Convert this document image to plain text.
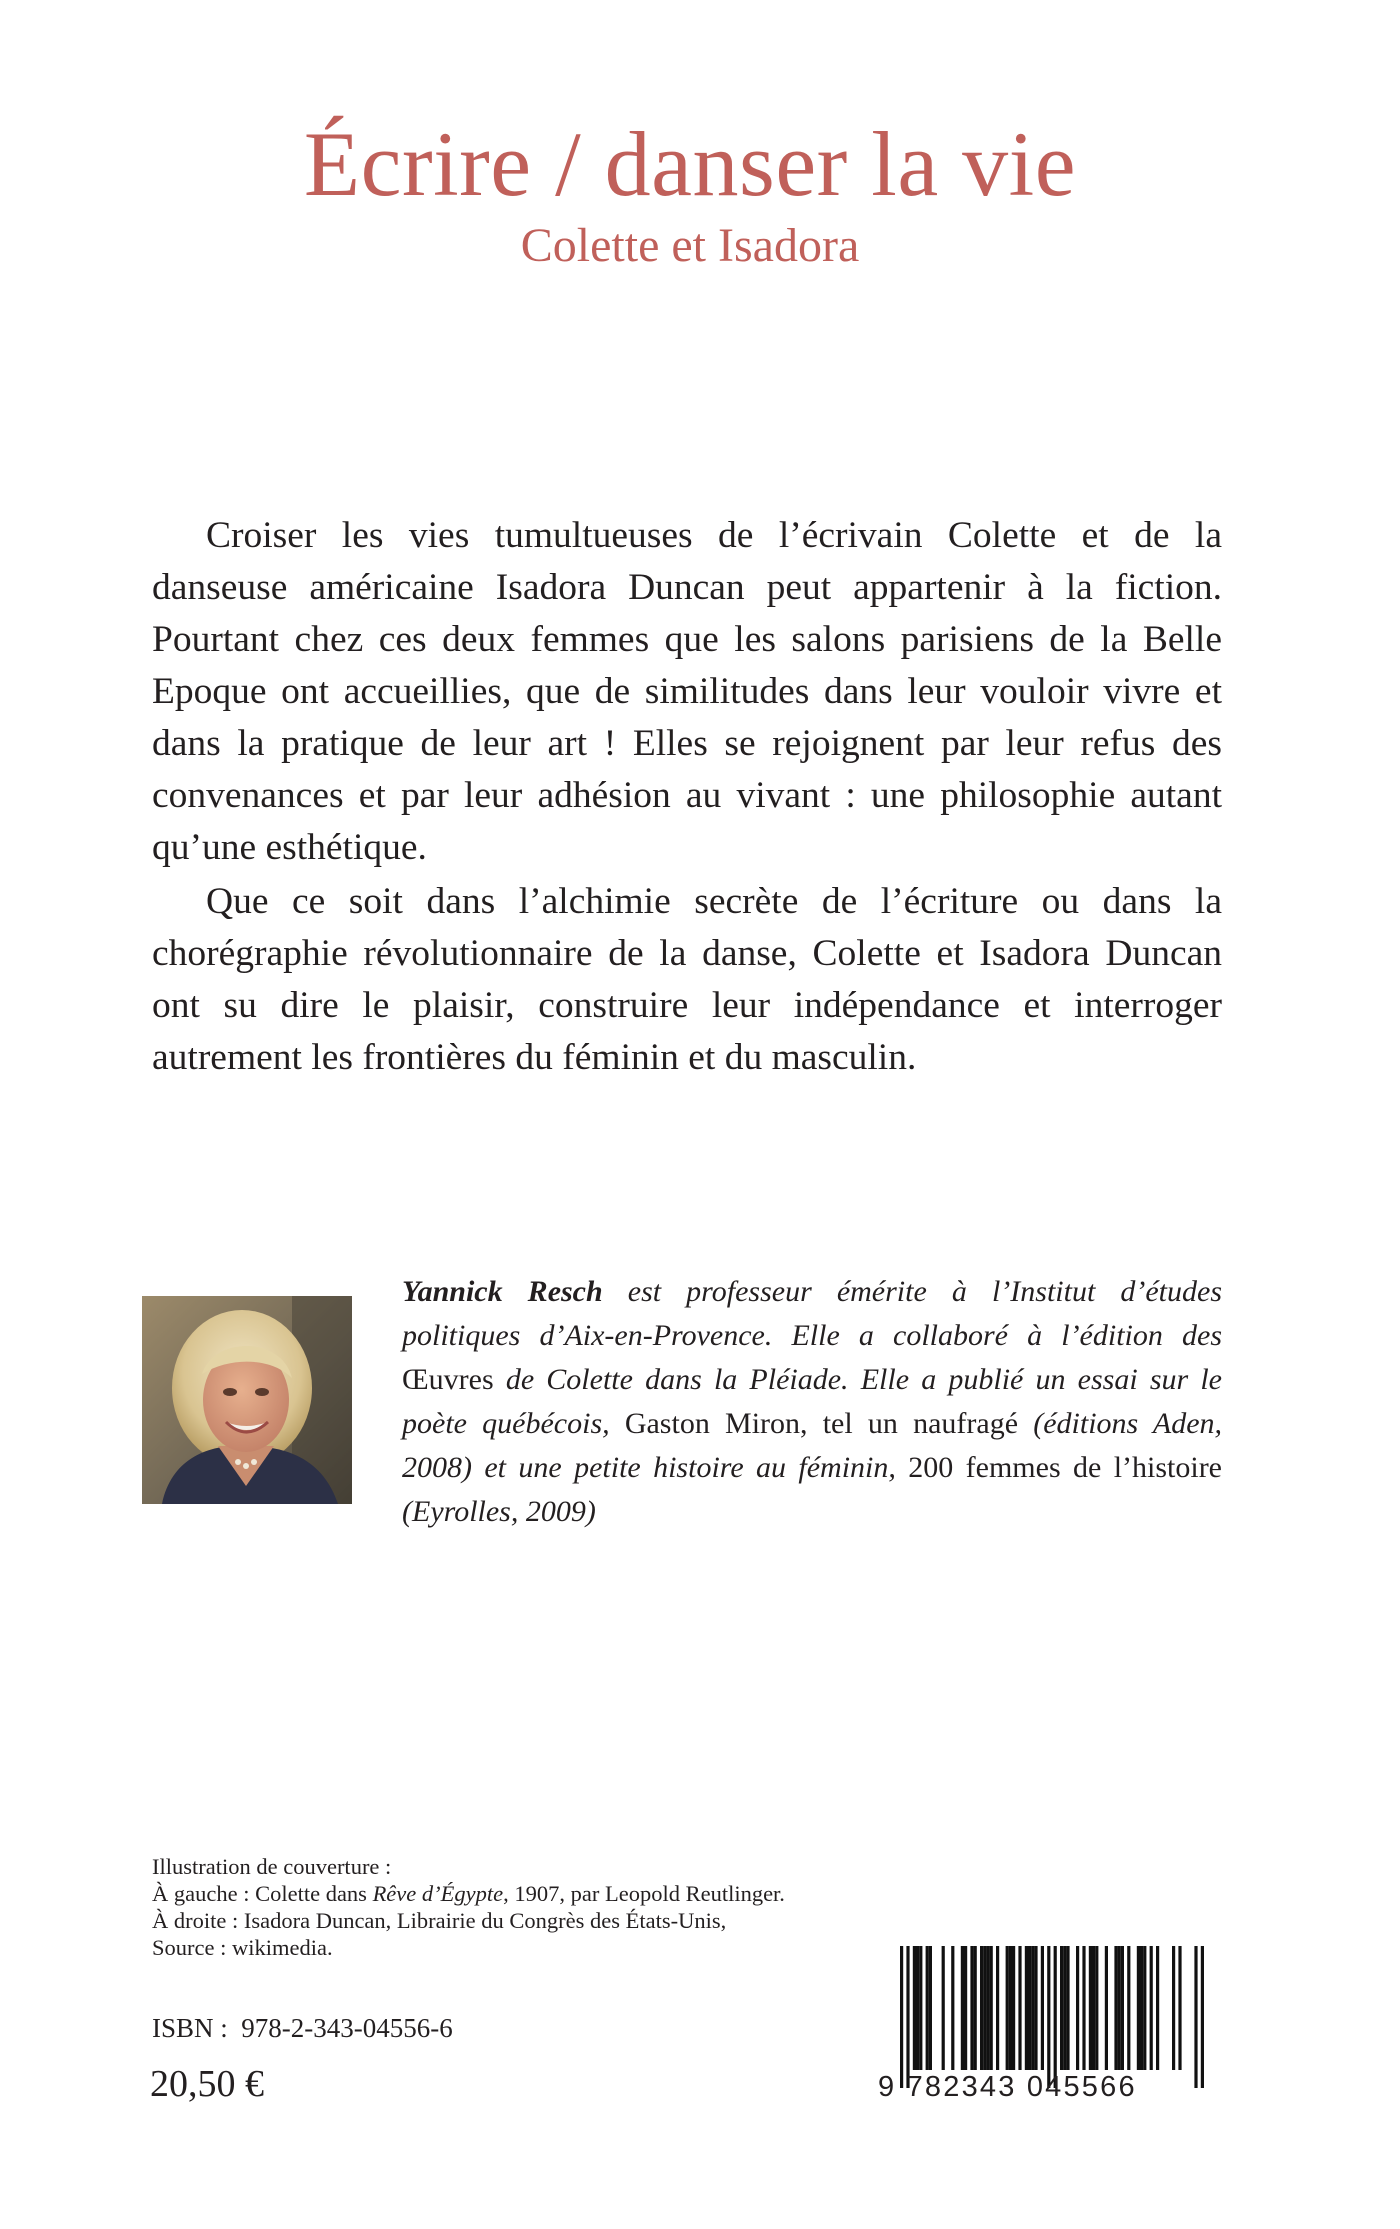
Écrire / danser la vie
Colette et Isadora

Croiser les vies tumultueuses de l’écrivain Colette et de la danseuse américaine Isadora Duncan peut appartenir à la fiction. Pourtant chez ces deux femmes que les salons parisiens de la Belle Epoque ont accueillies, que de similitudes dans leur vouloir vivre et dans la pratique de leur art ! Elles se rejoignent par leur refus des convenances et par leur adhésion au vivant : une philosophie autant qu’une esthétique.

Que ce soit dans l’alchimie secrète de l’écriture ou dans la chorégraphie révolutionnaire de la danse, Colette et Isadora Duncan ont su dire le plaisir, construire leur indépendance et interroger autrement les frontières du féminin et du masculin.

Yannick Resch est professeur émérite à l’Institut d’études politiques d’Aix-en-Provence. Elle a collaboré à l’édition des Œuvres de Colette dans la Pléiade. Elle a publié un essai sur le poète québécois, Gaston Miron, tel un naufragé (éditions Aden, 2008) et une petite histoire au féminin, 200 femmes de l’histoire (Eyrolles, 2009)

Illustration de couverture :
À gauche : Colette dans Rêve d’Égypte, 1907, par Leopold Reutlinger.
À droite : Isadora Duncan, Librairie du Congrès des États-Unis,
Source : wikimedia.
ISBN :  978-2-343-04556-6
20,50 €	9 782343 045566
